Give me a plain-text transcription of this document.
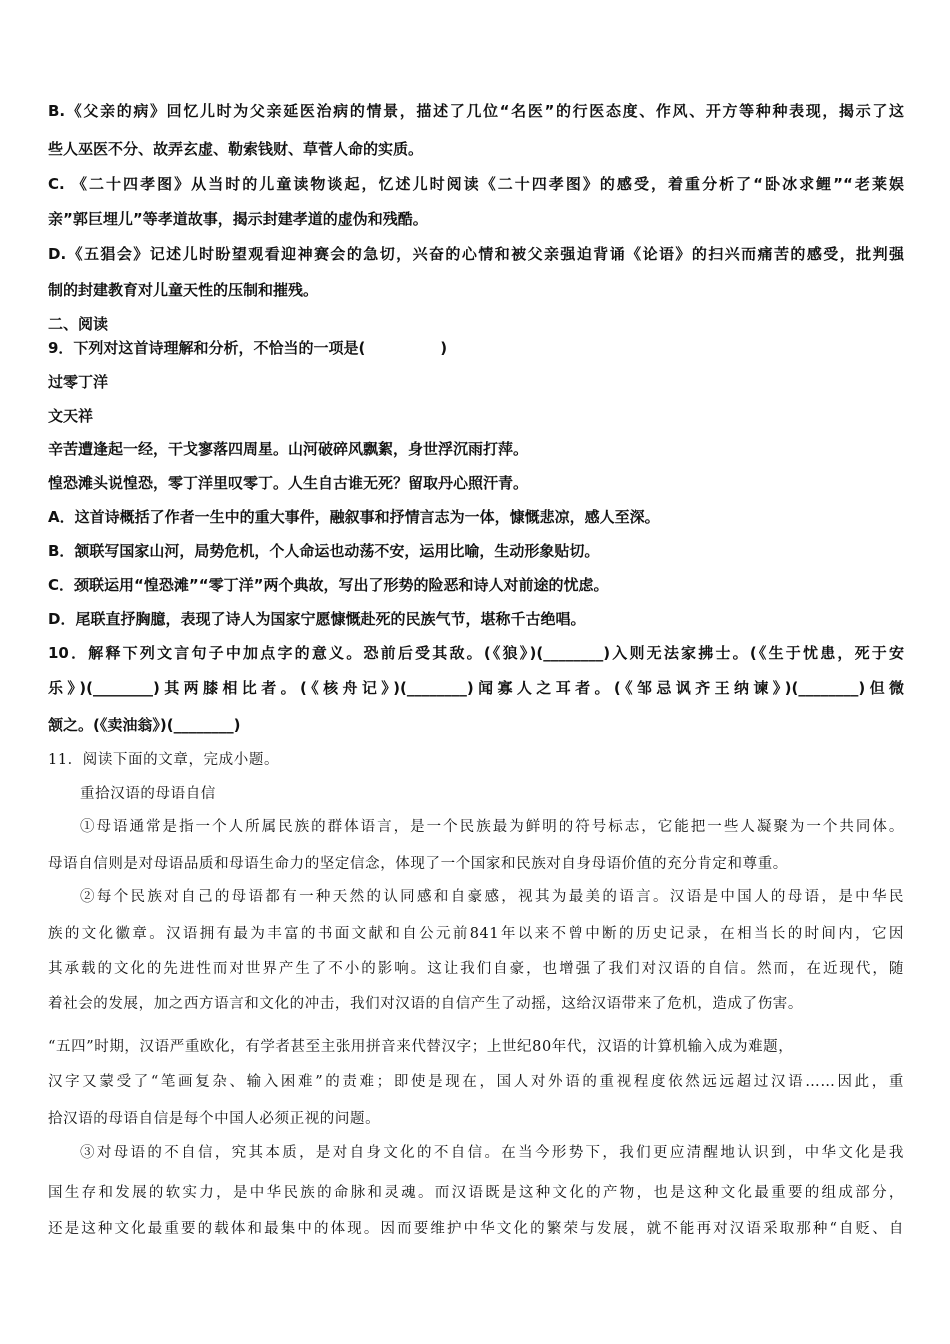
B.《父亲的病》回忆儿时为父亲延医治病的情景，描述了几位“名医”的行医态度、作风、开方等种种表现，揭示了这
些人巫医不分、故弄玄虚、勒索钱财、草菅人命的实质。
C. 《二十四孝图》从当时的儿童读物谈起，忆述儿时阅读《二十四孝图》的感受，着重分析了“卧冰求鲤”“老莱娱
亲”郭巨埋儿”等孝道故事，揭示封建孝道的虚伪和残酷。
D.《五猖会》记述儿时盼望观看迎神赛会的急切，兴奋的心情和被父亲强迫背诵《论语》的扫兴而痛苦的感受，批判强
制的封建教育对儿童天性的压制和摧残。
二、阅读
9．下列对这首诗理解和分析，不恰当的一项是(　　　　　)
过零丁洋
文天祥
辛苦遭逢起一经，干戈寥落四周星。山河破碎风飘絮，身世浮沉雨打萍。
惶恐滩头说惶恐，零丁洋里叹零丁。人生自古谁无死？留取丹心照汗青。
A．这首诗概括了作者一生中的重大事件，融叙事和抒情言志为一体，慷慨悲凉，感人至深。
B．颔联写国家山河，局势危机，个人命运也动荡不安，运用比喻，生动形象贴切。
C．颈联运用“惶恐滩”“零丁洋”两个典故，写出了形势的险恶和诗人对前途的忧虑。
D．尾联直抒胸臆，表现了诗人为国家宁愿慷慨赴死的民族气节，堪称千古绝唱。
10．解释下列文言句子中加点字的意义。恐前后受其敌。(《狼》)(________)入则无法家拂士。(《生于忧患，死于安
乐》)(________)其两膝相比者。(《核舟记》)(________)闻寡人之耳者。(《邹忌讽齐王纳谏》)(________)但微
颔之。(《卖油翁》)(________)
11．阅读下面的文章，完成小题。
重拾汉语的母语自信
①母语通常是指一个人所属民族的群体语言，是一个民族最为鲜明的符号标志，它能把一些人凝聚为一个共同体。
母语自信则是对母语品质和母语生命力的坚定信念，体现了一个国家和民族对自身母语价值的充分肯定和尊重。
②每个民族对自己的母语都有一种天然的认同感和自豪感，视其为最美的语言。汉语是中国人的母语，是中华民
族的文化徽章。汉语拥有最为丰富的书面文献和自公元前841年以来不曾中断的历史记录，在相当长的时间内，它因
其承载的文化的先进性而对世界产生了不小的影响。这让我们自豪，也增强了我们对汉语的自信。然而，在近现代，随
着社会的发展，加之西方语言和文化的冲击，我们对汉语的自信产生了动摇，这给汉语带来了危机，造成了伤害。
“五四”时期，汉语严重欧化，有学者甚至主张用拼音来代替汉字；上世纪80年代，汉语的计算机输入成为难题，
汉字又蒙受了“笔画复杂、输入困难”的责难；即使是现在，国人对外语的重视程度依然远远超过汉语……因此，重
拾汉语的母语自信是每个中国人必须正视的问题。
③对母语的不自信，究其本质，是对自身文化的不自信。在当今形势下，我们更应清醒地认识到，中华文化是我
国生存和发展的软实力，是中华民族的命脉和灵魂。而汉语既是这种文化的产物，也是这种文化最重要的组成部分，
还是这种文化最重要的载体和最集中的体现。因而要维护中华文化的繁荣与发展，就不能再对汉语采取那种“自贬、自
